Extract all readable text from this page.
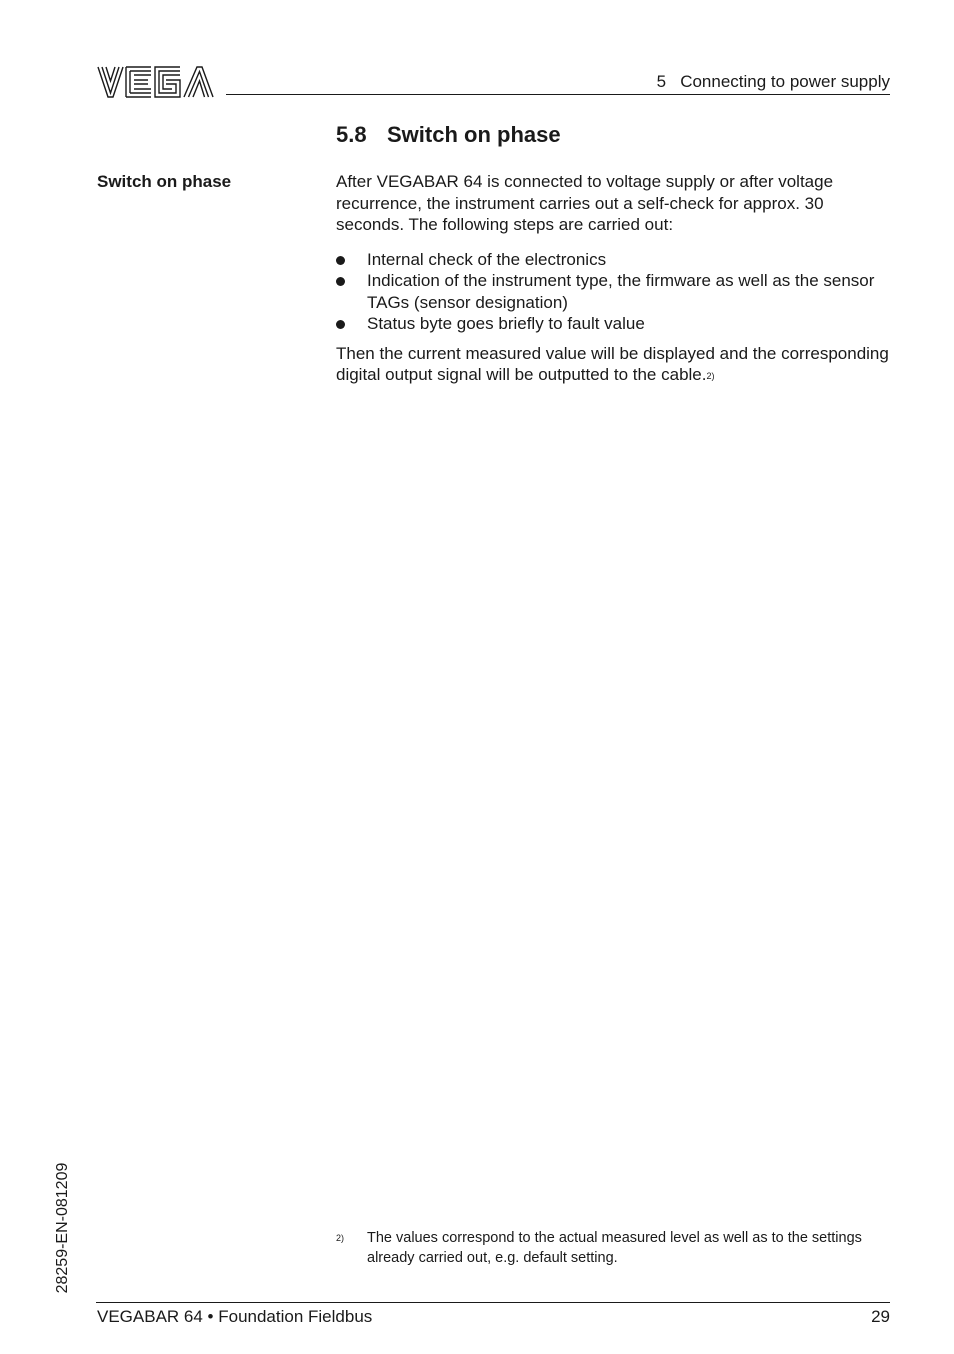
5   Connecting to power supply
5.8 Switch on phase
Switch on phase	After VEGABAR 64 is connected to voltage supply or after voltage recurrence, the instrument carries out a self-check for approx. 30 seconds. The following steps are carried out:

Internal check of the electronics
Indication of the instrument type, the firmware as well as the sensor TAGs (sensor designation)
Status byte goes briefly to fault value

Then the current measured value will be displayed and the corresponding digital output signal will be outputted to the cable.$^{2)}$

28259-EN-081209	2) The values correspond to the actual measured level as well as to the settings already carried out, e.g. default setting.
VEGABAR 64 • Foundation Fieldbus	29
